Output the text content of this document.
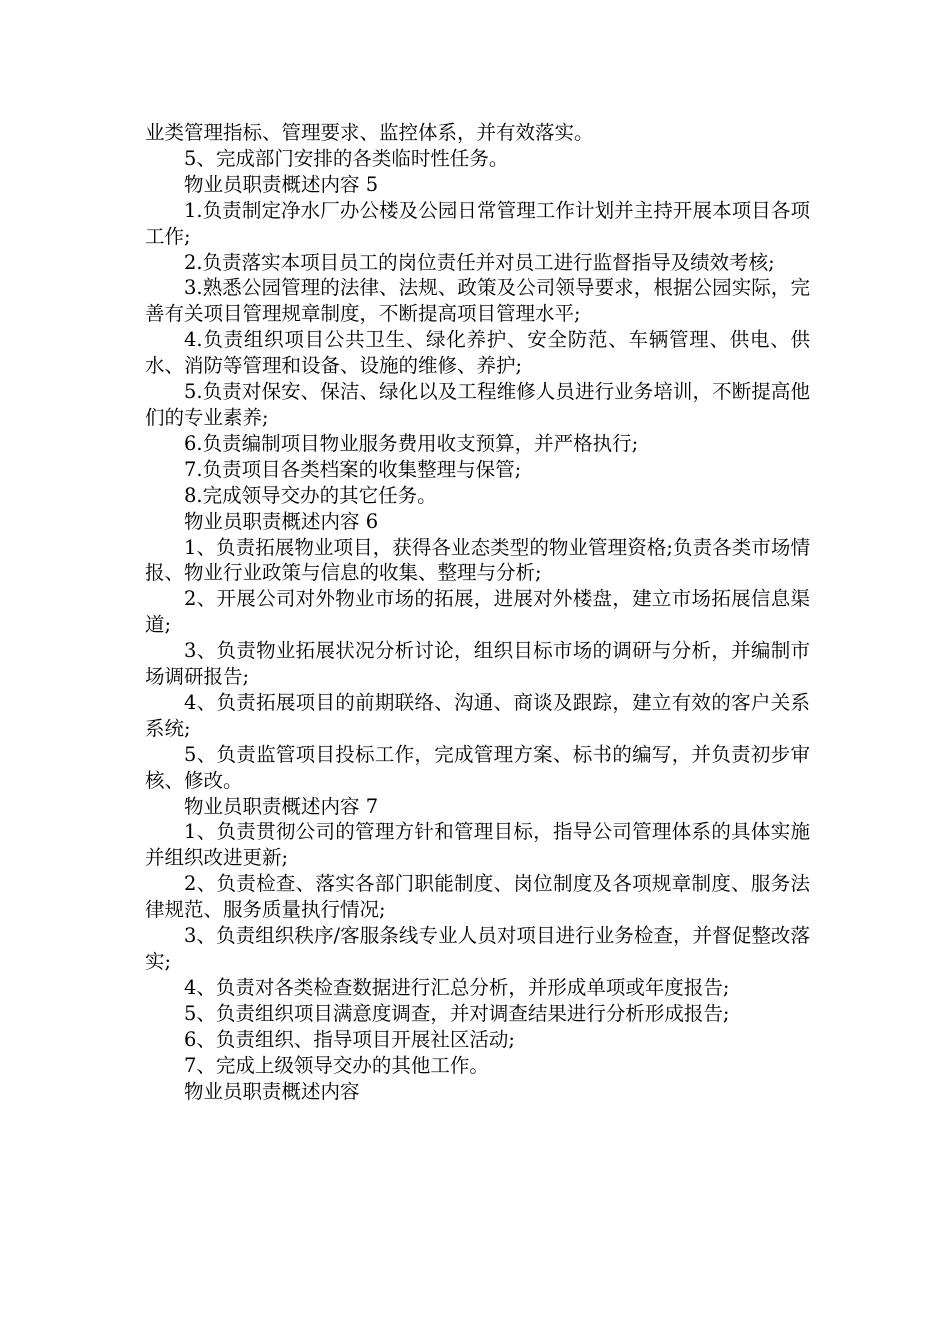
业类管理指标、管理要求、监控体系，并有效落实。

5、完成部门安排的各类临时性任务。

物业员职责概述内容 5

1.负责制定净水厂办公楼及公园日常管理工作计划并主持开展本项目各项工作;

2.负责落实本项目员工的岗位责任并对员工进行监督指导及绩效考核;

3.熟悉公园管理的法律、法规、政策及公司领导要求，根据公园实际，完善有关项目管理规章制度，不断提高项目管理水平;

4.负责组织项目公共卫生、绿化养护、安全防范、车辆管理、供电、供水、消防等管理和设备、设施的维修、养护;

5.负责对保安、保洁、绿化以及工程维修人员进行业务培训，不断提高他们的专业素养;

6.负责编制项目物业服务费用收支预算，并严格执行;

7.负责项目各类档案的收集整理与保管;

8.完成领导交办的其它任务。

物业员职责概述内容 6

1、负责拓展物业项目，获得各业态类型的物业管理资格;负责各类市场情报、物业行业政策与信息的收集、整理与分析;

2、开展公司对外物业市场的拓展，进展对外楼盘，建立市场拓展信息渠道;

3、负责物业拓展状况分析讨论，组织目标市场的调研与分析，并编制市场调研报告;

4、负责拓展项目的前期联络、沟通、商谈及跟踪，建立有效的客户关系系统;

5、负责监管项目投标工作，完成管理方案、标书的编写，并负责初步审核、修改。

物业员职责概述内容 7

1、负责贯彻公司的管理方针和管理目标，指导公司管理体系的具体实施并组织改进更新;

2、负责检查、落实各部门职能制度、岗位制度及各项规章制度、服务法律规范、服务质量执行情况;

3、负责组织秩序/客服条线专业人员对项目进行业务检查，并督促整改落实;

4、负责对各类检查数据进行汇总分析，并形成单项或年度报告;

5、负责组织项目满意度调查，并对调查结果进行分析形成报告;

6、负责组织、指导项目开展社区活动;

7、完成上级领导交办的其他工作。

物业员职责概述内容
